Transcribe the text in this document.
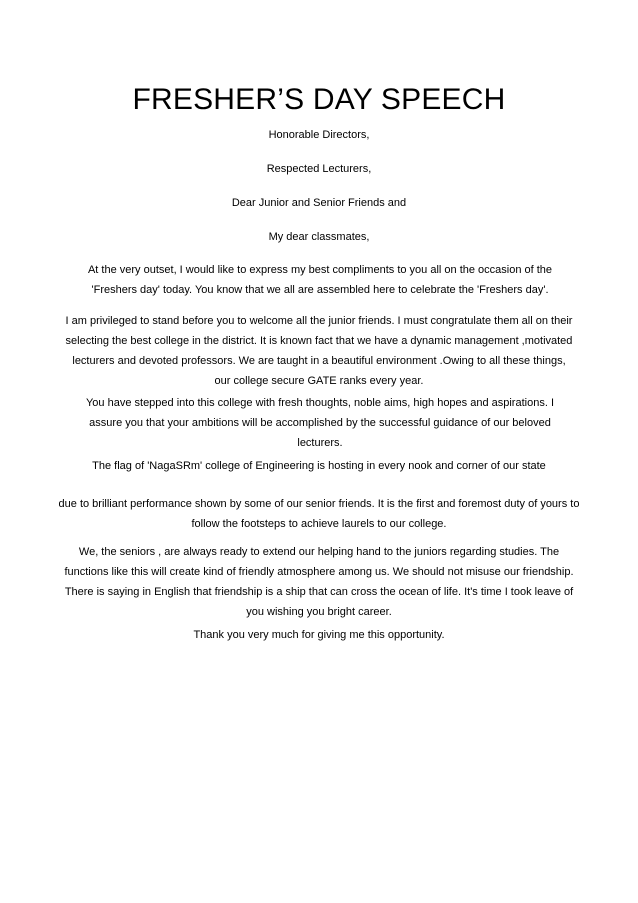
FRESHER’S DAY SPEECH
Honorable Directors,
Respected Lecturers,
Dear Junior and Senior Friends and
My dear classmates,

At the very outset, I would like to express my best compliments to you all on the occasion of the 'Freshers day' today. You know that we all are assembled here to celebrate the 'Freshers day'.

I am privileged to stand before you to welcome all the junior friends. I must congratulate them all on their selecting the best college in the district. It is known fact that we have a dynamic management ,motivated lecturers and devoted professors. We are taught in a beautiful environment .Owing to all these things, our college secure GATE ranks every year.

You have stepped into this college with fresh thoughts, noble aims, high hopes and aspirations. I assure you that your ambitions will be accomplished by the successful guidance of our beloved lecturers.

The flag of 'NagaSRm' college of Engineering is hosting in every nook and corner of our state

due to brilliant performance shown by some of our senior friends. It is the first and foremost duty of yours to follow the footsteps to achieve laurels to our college.

We, the seniors , are always ready to extend our helping hand to the juniors regarding studies. The functions like this will create kind of friendly atmosphere among us. We should not misuse our friendship. There is saying in English that friendship is a ship that can cross the ocean of life. It's time I took leave of you wishing you bright career.

Thank you very much for giving me this opportunity.
